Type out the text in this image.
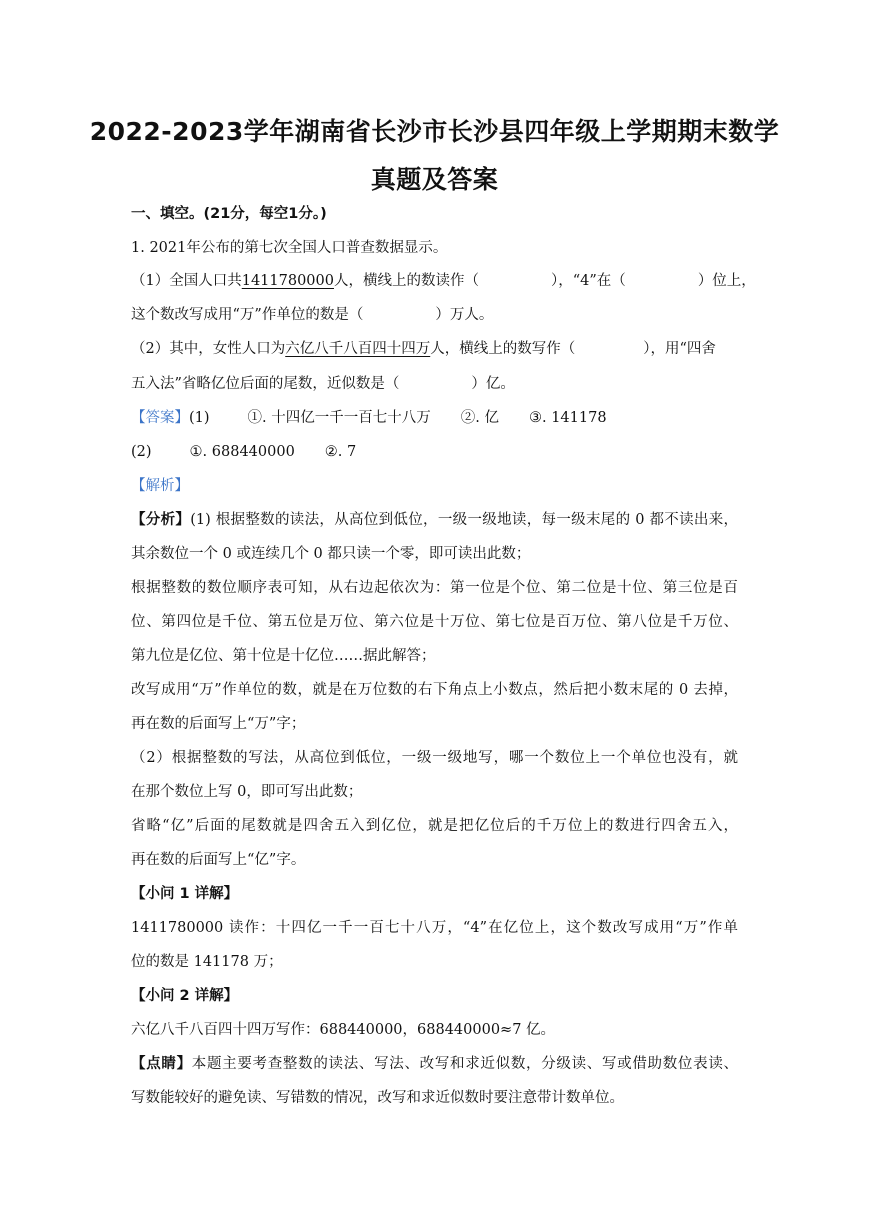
2022-2023学年湖南省长沙市长沙县四年级上学期期末数学
真题及答案
一、填空。(21分，每空1分。)
1. 2021年公布的第七次全国人口普查数据显示。
（1）全国人口共1411780000人，横线上的数读作（	），“4”在（	）位上，
这个数改写成用“万”作单位的数是（	）万人。
（2）其中，女性人口为六亿八千八百四十四万人，横线上的数写作（	），用“四舍
五入法”省略亿位后面的尾数，近似数是（	）亿。
【答案】(1)	①. 十四亿一千一百七十八万 ②. 亿 ③. 141178
(2)	①. 688440000 ②. 7
【解析】
【分析】(1) 根据整数的读法，从高位到低位，一级一级地读，每一级末尾的 0 都不读出来，
其余数位一个 0 或连续几个 0 都只读一个零，即可读出此数；
根据整数的数位顺序表可知，从右边起依次为：第一位是个位、第二位是十位、第三位是百
位、第四位是千位、第五位是万位、第六位是十万位、第七位是百万位、第八位是千万位、
第九位是亿位、第十位是十亿位……据此解答；
改写成用“万”作单位的数，就是在万位数的右下角点上小数点，然后把小数末尾的 0 去掉，
再在数的后面写上“万”字；
（2）根据整数的写法，从高位到低位，一级一级地写，哪一个数位上一个单位也没有，就
在那个数位上写 0，即可写出此数；
省略“亿”后面的尾数就是四舍五入到亿位，就是把亿位后的千万位上的数进行四舍五入，
再在数的后面写上“亿”字。
【小问 1 详解】
1411780000 读作：十四亿一千一百七十八万，“4”在亿位上，这个数改写成用“万”作单
位的数是 141178 万；
【小问 2 详解】
六亿八千八百四十四万写作：688440000，688440000≈7 亿。
【点睛】本题主要考查整数的读法、写法、改写和求近似数，分级读、写或借助数位表读、
写数能较好的避免读、写错数的情况，改写和求近似数时要注意带计数单位。
